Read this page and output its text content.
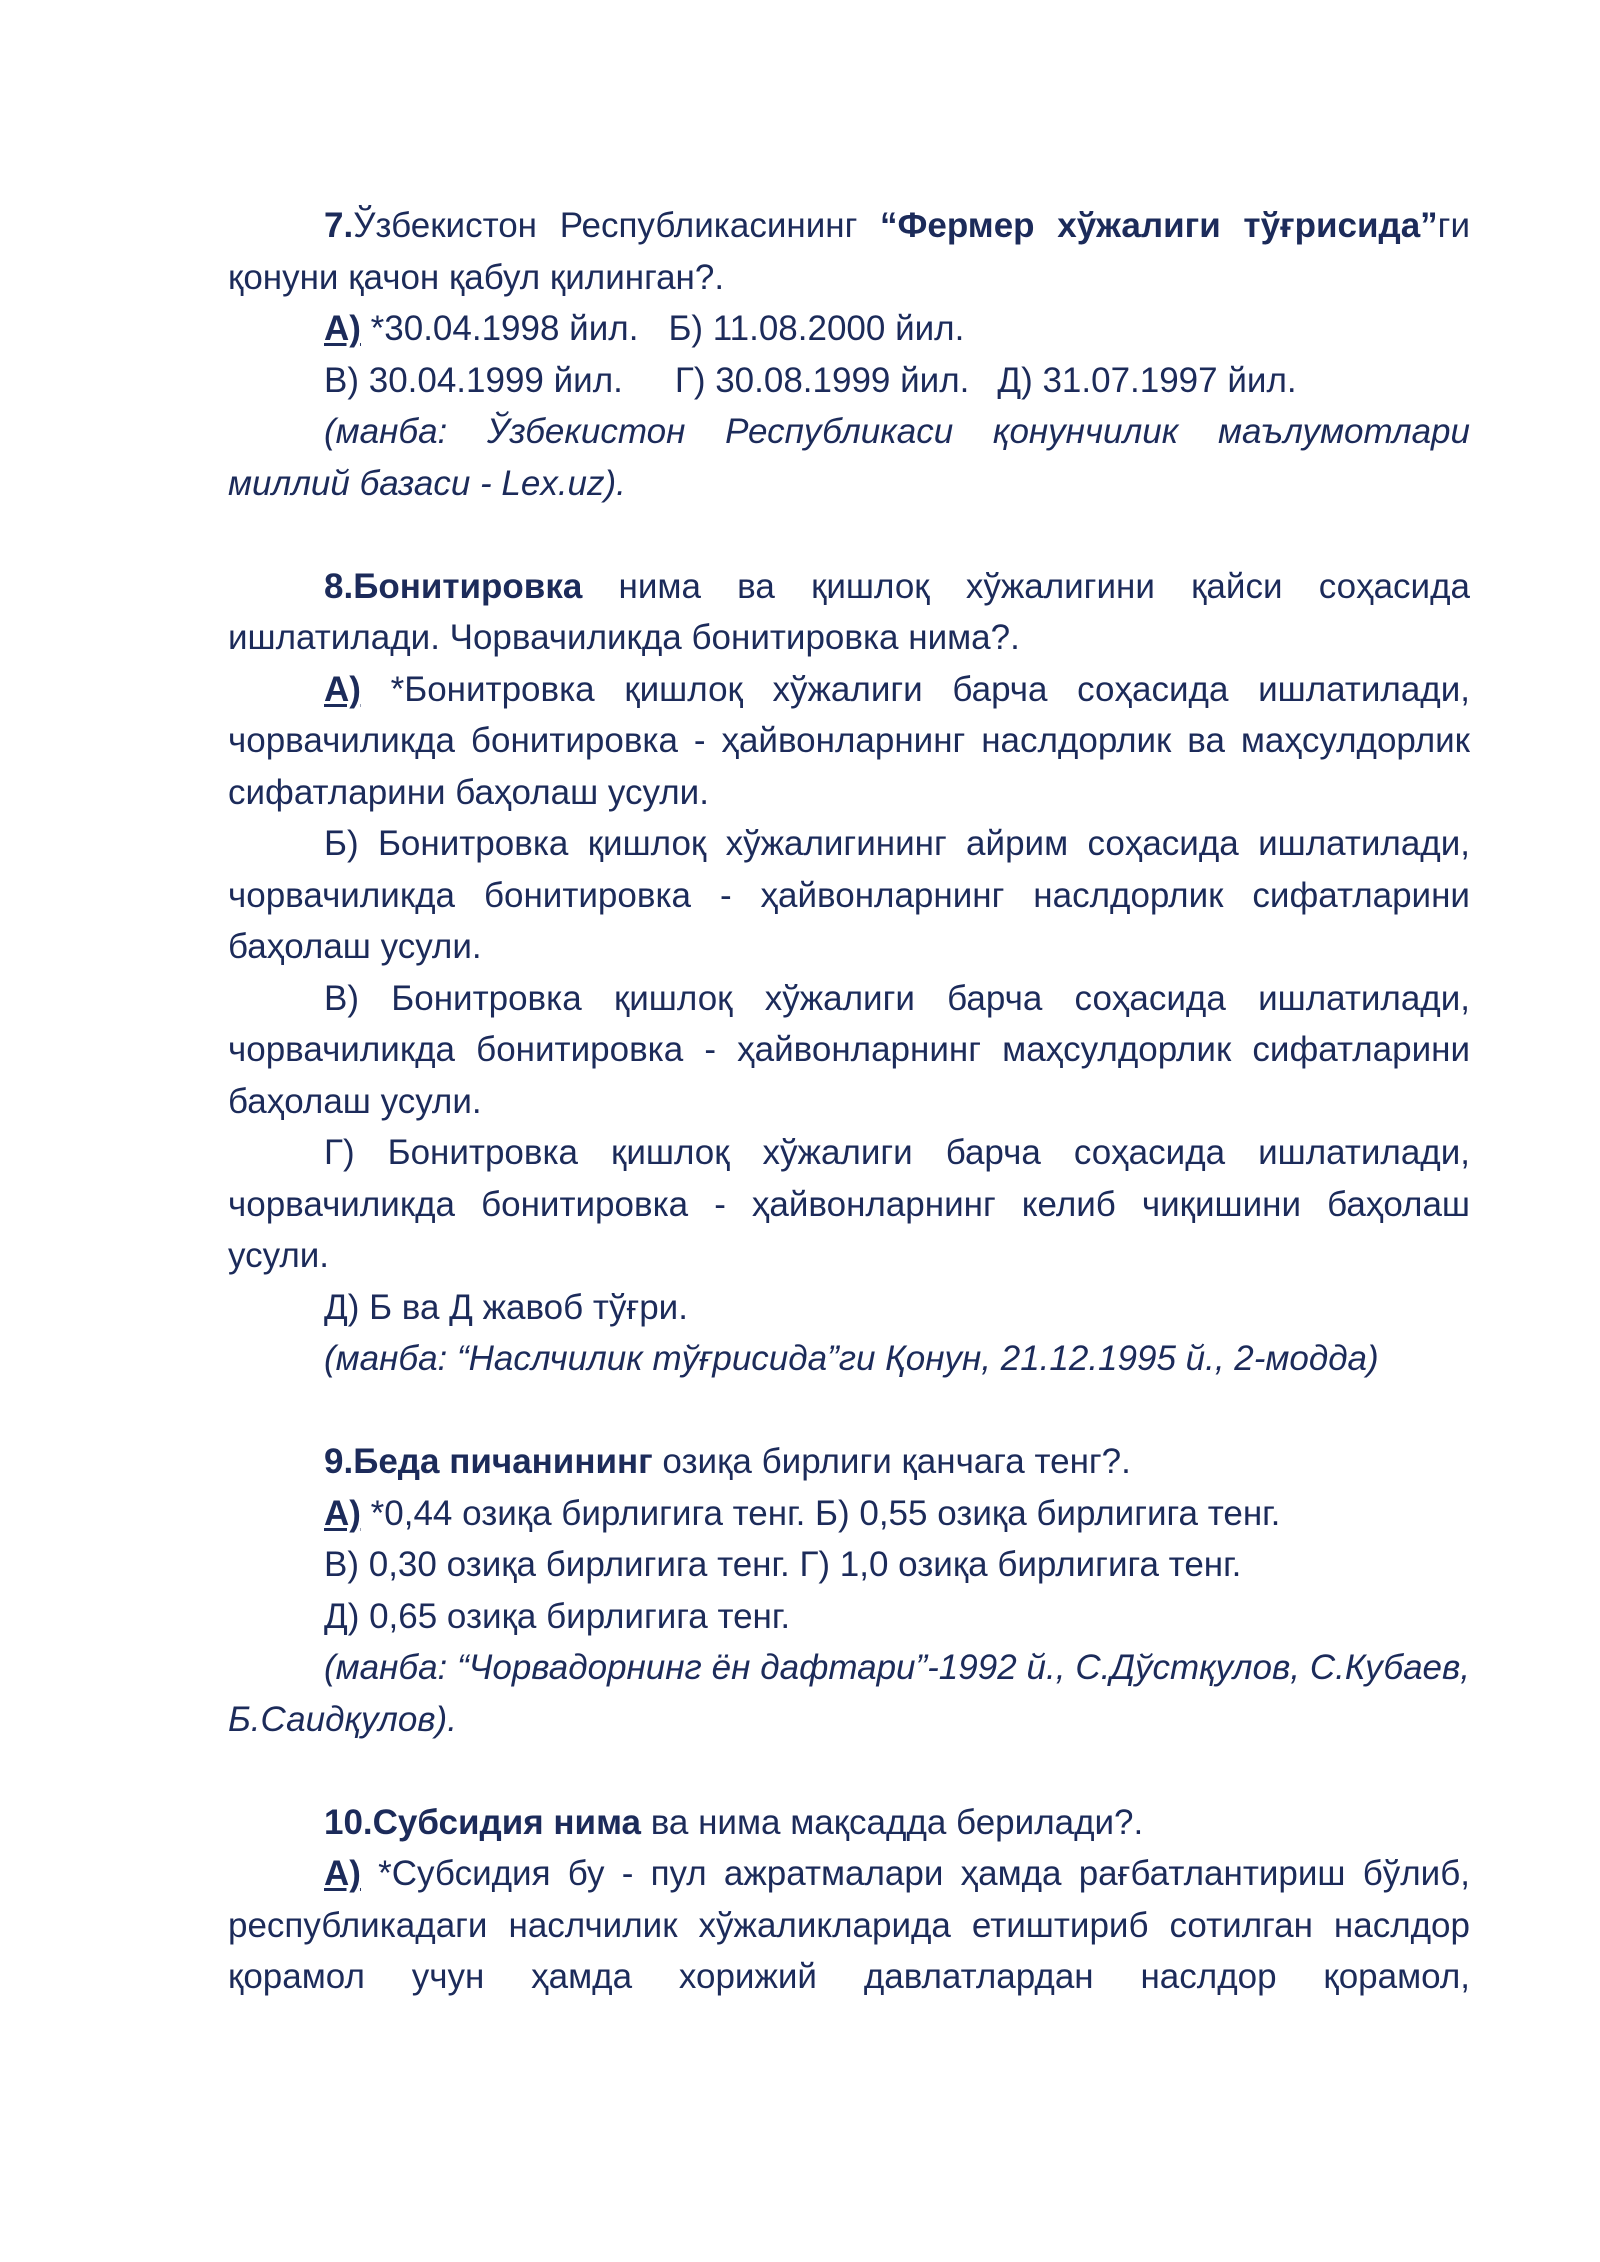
7.Ўзбекистон Республикасининг “Фермер хўжалиги тўғрисида”ги қонуни қачон қабул қилинган?.

А) *30.04.1998 йил. Б) 11.08.2000 йил.

В) 30.04.1999 йил. Г) 30.08.1999 йил. Д) 31.07.1997 йил.

(манба: Ўзбекистон Республикаси қонунчилик маълумотлари миллий базаси - Lex.uz).

8.Бонитировка нима ва қишлоқ хўжалигини қайси соҳасида ишлатилади. Чорвачиликда бонитировка нима?.

А) *Бонитровка қишлоқ хўжалиги барча соҳасида ишлатилади, чорвачиликда бонитировка - ҳайвонларнинг наслдорлик ва маҳсулдорлик сифатларини баҳолаш усули.

Б) Бонитровка қишлоқ хўжалигининг айрим соҳасида ишлатилади, чорвачиликда бонитировка - ҳайвонларнинг наслдорлик сифатларини баҳолаш усули.

В) Бонитровка қишлоқ хўжалиги барча соҳасида ишлатилади, чорвачиликда бонитировка - ҳайвонларнинг маҳсулдорлик сифатларини баҳолаш усули.

Г) Бонитровка қишлоқ хўжалиги барча соҳасида ишлатилади, чорвачиликда бонитировка - ҳайвонларнинг келиб чиқишини баҳолаш усули.

Д) Б ва Д жавоб тўғри.

(манба: “Наслчилик тўғрисида”ги Қонун, 21.12.1995 й., 2-модда)

9.Беда пичанининг озиқа бирлиги қанчага тенг?.

А) *0,44 озиқа бирлигига тенг. Б) 0,55 озиқа бирлигига тенг.

В) 0,30 озиқа бирлигига тенг. Г) 1,0 озиқа бирлигига тенг.

Д) 0,65 озиқа бирлигига тенг.

(манба: “Чорвадорнинг ён дафтари”-1992 й., С.Дўстқулов, С.Кубаев, Б.Саидқулов).

10.Субсидия нима ва нима мақсадда берилади?.

А) *Субсидия бу - пул ажратмалари ҳамда рағбатлантириш бўлиб, республикадаги наслчилик хўжаликларида етиштириб сотилган наслдор қорамол учун ҳамда хорижий давлатлардан наслдор қорамол,
